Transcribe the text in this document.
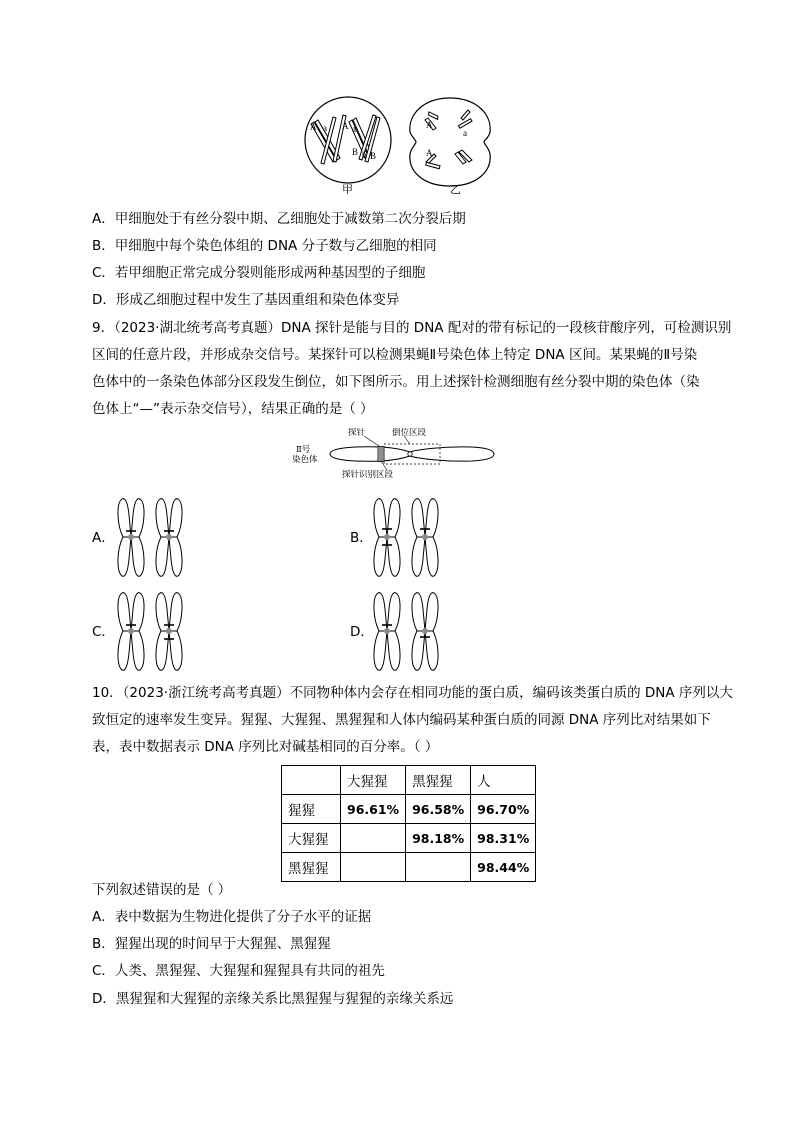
A a A a
B b B
甲
A
a
A
乙
A．甲细胞处于有丝分裂中期、乙细胞处于减数第二次分裂后期
B．甲细胞中每个染色体组的 DNA 分子数与乙细胞的相同
C．若甲细胞正常完成分裂则能形成两种基因型的子细胞
D．形成乙细胞过程中发生了基因重组和染色体变异
9．（2023·湖北统考高考真题）DNA 探针是能与目的 DNA 配对的带有标记的一段核苷酸序列，可检测识别
区间的任意片段，并形成杂交信号。某探针可以检测果蝇Ⅱ号染色体上特定 DNA 区间。某果蝇的Ⅱ号染
色体中的一条染色体部分区段发生倒位，如下图所示。用上述探针检测细胞有丝分裂中期的染色体（染
色体上“—”表示杂交信号），结果正确的是（ ）
Ⅱ号
染色体
探针	倒位区段
探针识别区段
A．	B．
C．	D．
10．（2023·浙江统考高考真题）不同物种体内会存在相同功能的蛋白质，编码该类蛋白质的 DNA 序列以大
致恒定的速率发生变异。猩猩、大猩猩、黑猩猩和人体内编码某种蛋白质的同源 DNA 序列比对结果如下
表，表中数据表示 DNA 序列比对碱基相同的百分率。（ ）
	大猩猩	黑猩猩	人
猩猩	96.61%	96.58%	96.70%
大猩猩		98.18%	98.31%
黑猩猩			98.44%
下列叙述错误的是（ ）
A．表中数据为生物进化提供了分子水平的证据
B．猩猩出现的时间早于大猩猩、黑猩猩
C．人类、黑猩猩、大猩猩和猩猩具有共同的祖先
D．黑猩猩和大猩猩的亲缘关系比黑猩猩与猩猩的亲缘关系远
